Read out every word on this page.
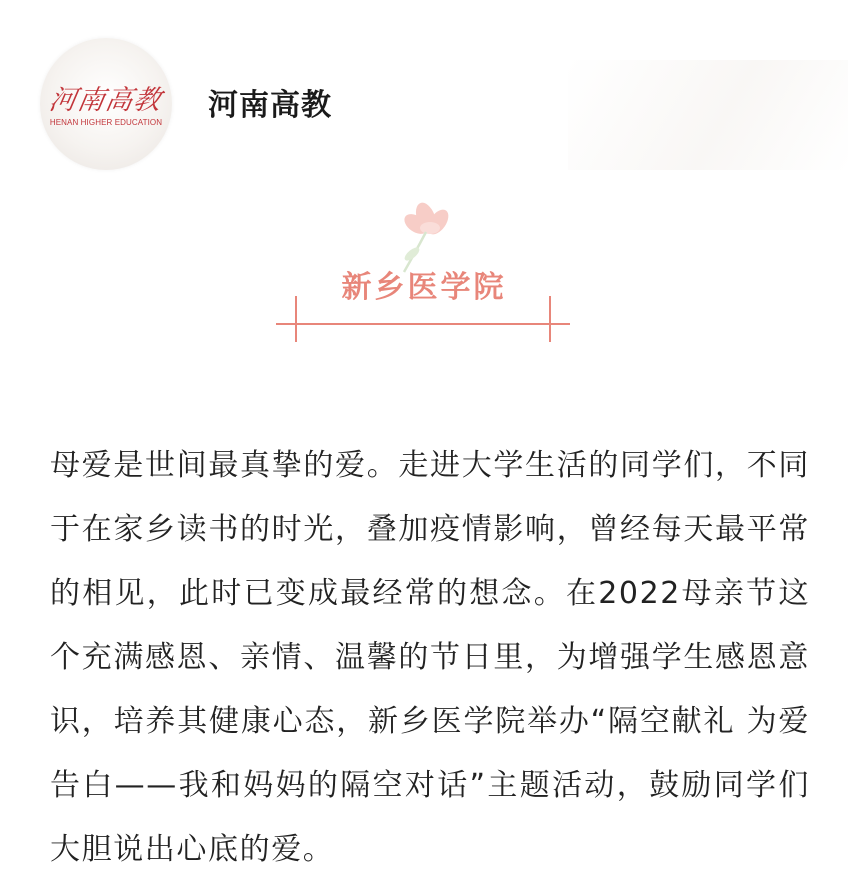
河南高教
HENAN HIGHER EDUCATION	河南高教
新乡医学院

母爱是世间最真挚的爱。走进大学生活的同学们，不同于在家乡读书的时光，叠加疫情影响，曾经每天最平常的相见，此时已变成最经常的想念。在2022母亲节这个充满感恩、亲情、温馨的节日里，为增强学生感恩意识，培养其健康心态，新乡医学院举办“隔空献礼 为爱告白——我和妈妈的隔空对话”主题活动，鼓励同学们大胆说出心底的爱。
